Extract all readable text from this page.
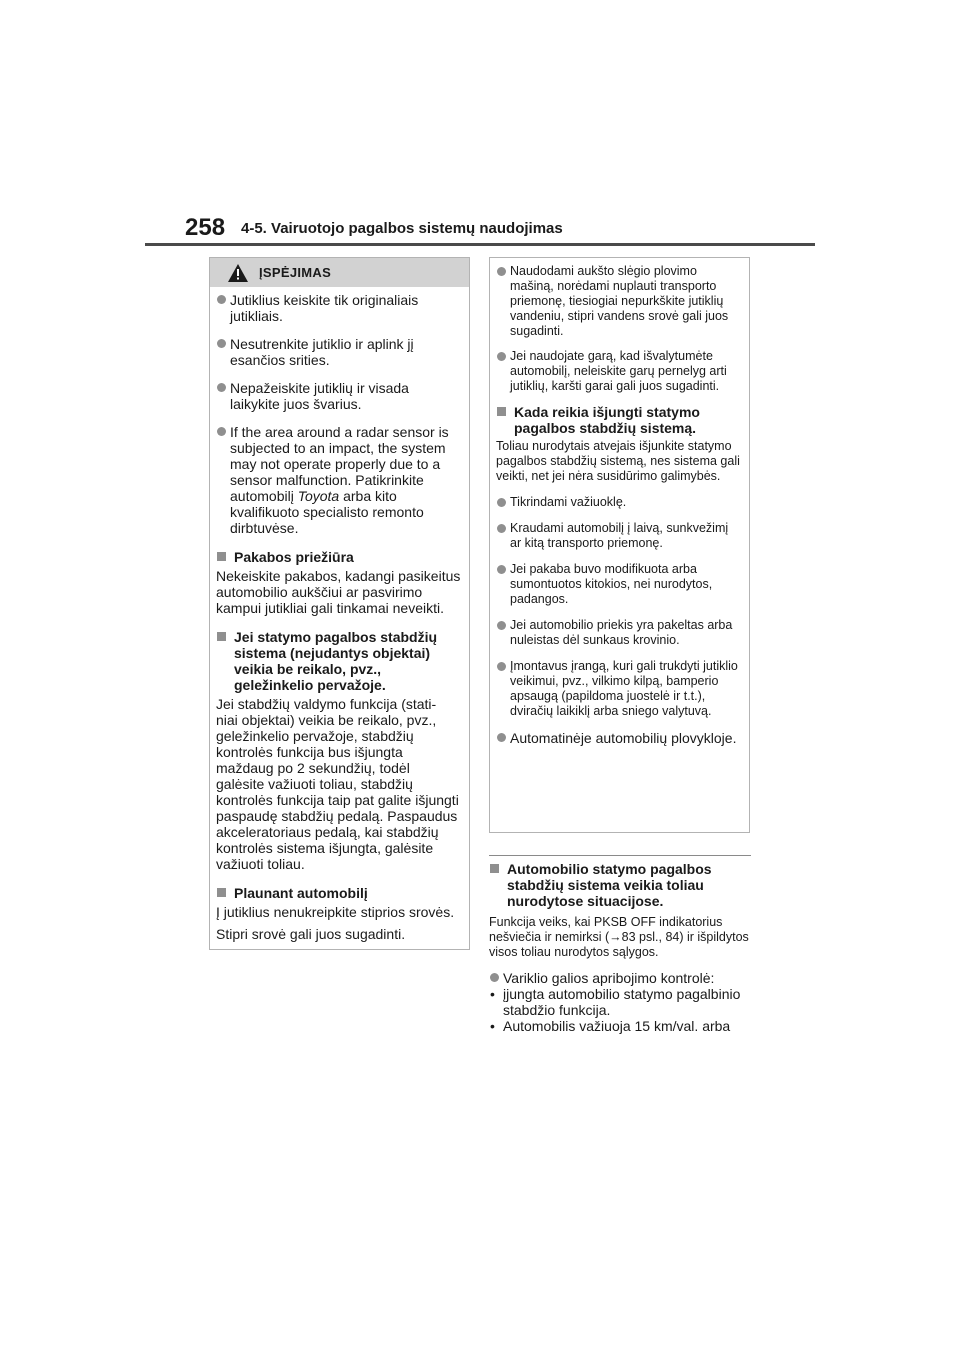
258 4-5. Vairuotojo pagalbos sistemų naudojimas
ĮSPĖJIMAS
Jutiklius keiskite tik originaliais jutikliais.
Nesutrenkite jutiklio ir aplink jį esančios srities.
Nepažeiskite jutiklių ir visada laikykite juos švarius.
If the area around a radar sensor is subjected to an impact, the system may not operate properly due to a sensor malfunction. Patikrinkite automobilį Toyota arba kito kvalifikuoto specialisto remonto dirbtuvėse.
Pakabos priežiūra
Nekeiskite pakabos, kadangi pasikeitus automobilio aukščiui ar pasvirimo kampui jutikliai gali tinkamai neveikti.
Jei statymo pagalbos stabdžių sistema (nejudantys objektai) veikia be reikalo, pvz., geležinkelio pervažoje.
Jei stabdžių valdymo funkcija (stati- niai objektai) veikia be reikalo, pvz., geležinkelio pervažoje, stabdžių kontrolės funkcija bus išjungta maždaug po 2 sekundžių, todėl galėsite važiuoti toliau, stabdžių kontrolės funkcija taip pat galite išjungti paspaudę stabdžių pedalą. Paspaudus akceleratoriaus pedalą, kai stabdžių kontrolės sistema išjungta, galėsite važiuoti toliau.
Plaunant automobilį
Į jutiklius nenukreipkite stiprios srovės.
Stipri srovė gali juos sugadinti.
Naudodami aukšto slėgio plovimo mašiną, norėdami nuplauti transporto priemonę, tiesiogiai nepurkškite jutiklių vandeniu, stipri vandens srovė gali juos sugadinti.
Jei naudojate garą, kad išvalytumėte automobilį, neleiskite garų pernelyg arti jutiklių, karšti garai gali juos sugadinti.
Kada reikia išjungti statymo pagalbos stabdžių sistemą.
Toliau nurodytais atvejais išjunkite statymo pagalbos stabdžių sistemą, nes sistema gali veikti, net jei nėra susidūrimo galimybės.
Tikrindami važiuoklę.
Kraudami automobilį į laivą, sunkvežimį ar kitą transporto priemonę.
Jei pakaba buvo modifikuota arba sumontuotos kitokios, nei nurodytos, padangos.
Jei automobilio priekis yra pakeltas arba nuleistas dėl sunkaus krovinio.
Įmontavus įrangą, kuri gali trukdyti jutiklio veikimui, pvz., vilkimo kilpą, bamperio apsaugą (papildoma juostelė ir t.t.), dviračių laikiklį arba sniego valytuvą.
Automatinėje automobilių plovykloje.
Automobilio statymo pagalbos stabdžių sistema veikia toliau nurodytose situacijose.
Funkcija veiks, kai PKSB OFF indikatorius nešviečia ir nemirksi (→83 psl., 84) ir išpildytos visos toliau nurodytos sąlygos.
Variklio galios apribojimo kontrolė:
• įjungta automobilio statymo pagalbinio stabdžio funkcija.
• Automobilis važiuoja 15 km/val. arba
